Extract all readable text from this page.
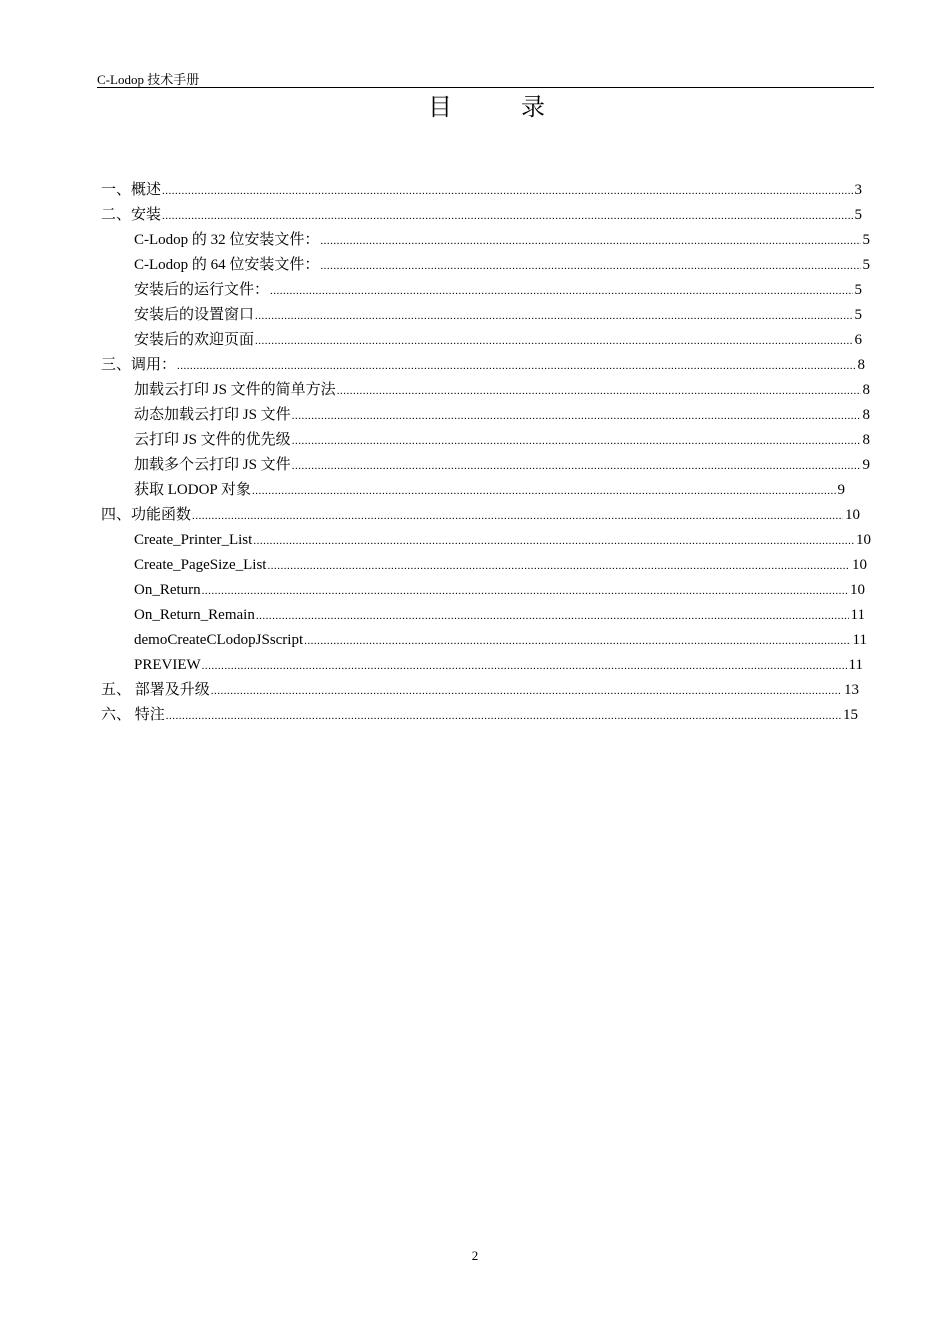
C-Lodop 技术手册
目	录
一、概述 .....	3
二、安装 .....	5
C-Lodop 的 32 位安装文件： .....	5
C-Lodop 的 64 位安装文件： .....	5
安装后的运行文件： .....	5
安装后的设置窗口 .....	5
安装后的欢迎页面 .....	6
三、调用： .....	8
加载云打印 JS 文件的简单方法 .....	8
动态加载云打印 JS 文件 .....	8
云打印 JS 文件的优先级 .....	8
加载多个云打印 JS 文件 .....	9
获取 LODOP 对象 .....	9
四、功能函数 .....	10
Create_Printer_List .....	10
Create_PageSize_List .....	10
On_Return .....	10
On_Return_Remain .....	11
demoCreateCLodopJSscript .....	11
PREVIEW .....	11
五、 部署及升级 .....	13
六、 特注 .....	15
2
